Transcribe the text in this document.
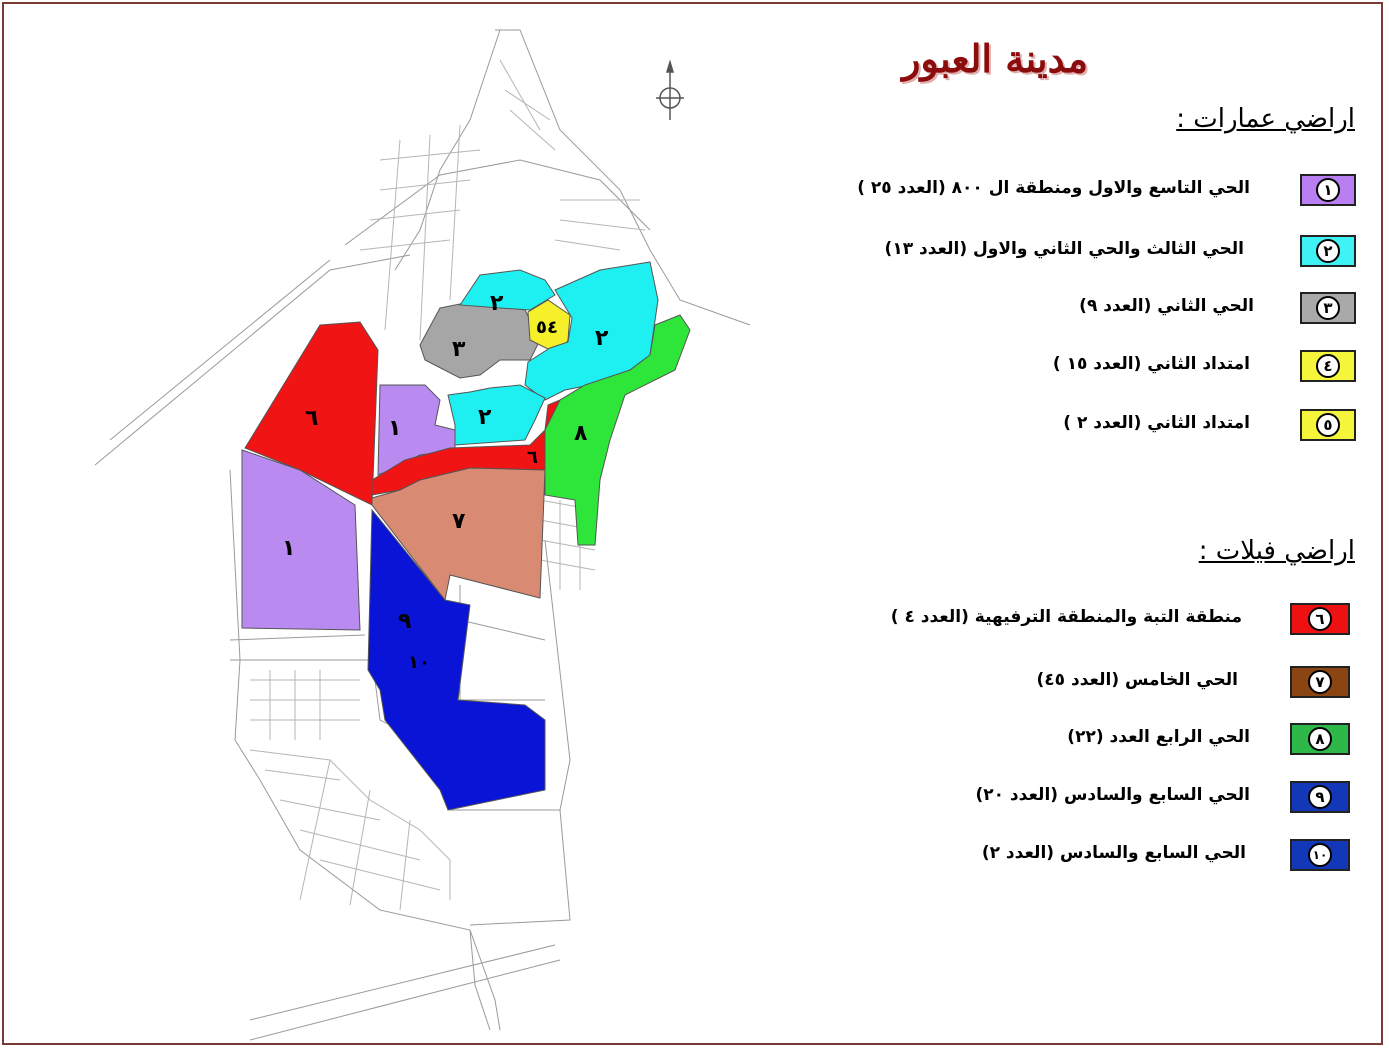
٢
٢
٣
٥٤
٢
٦	١	٨
٦
٧
١
٩
١٠
مدينة العبور
اراضي عمارات :
الحي التاسع والاول ومنطقة ال ٨٠٠ (العدد ٢٥ )	١
الحي الثالث والحي الثاني والاول (العدد ١٣)	٢
الحي الثاني (العدد ٩)	٣
امتداد الثاني (العدد ١٥ )	٤
امتداد الثاني (العدد ٢ )	٥
اراضي فيلات :
منطقة التبة والمنطقة الترفيهية (العدد ٤ )	٦
الحي الخامس (العدد ٤٥)	٧
الحي الرابع العدد (٢٢)	٨
الحي السابع والسادس (العدد ٢٠)	٩
الحي السابع والسادس (العدد ٢)	١٠
